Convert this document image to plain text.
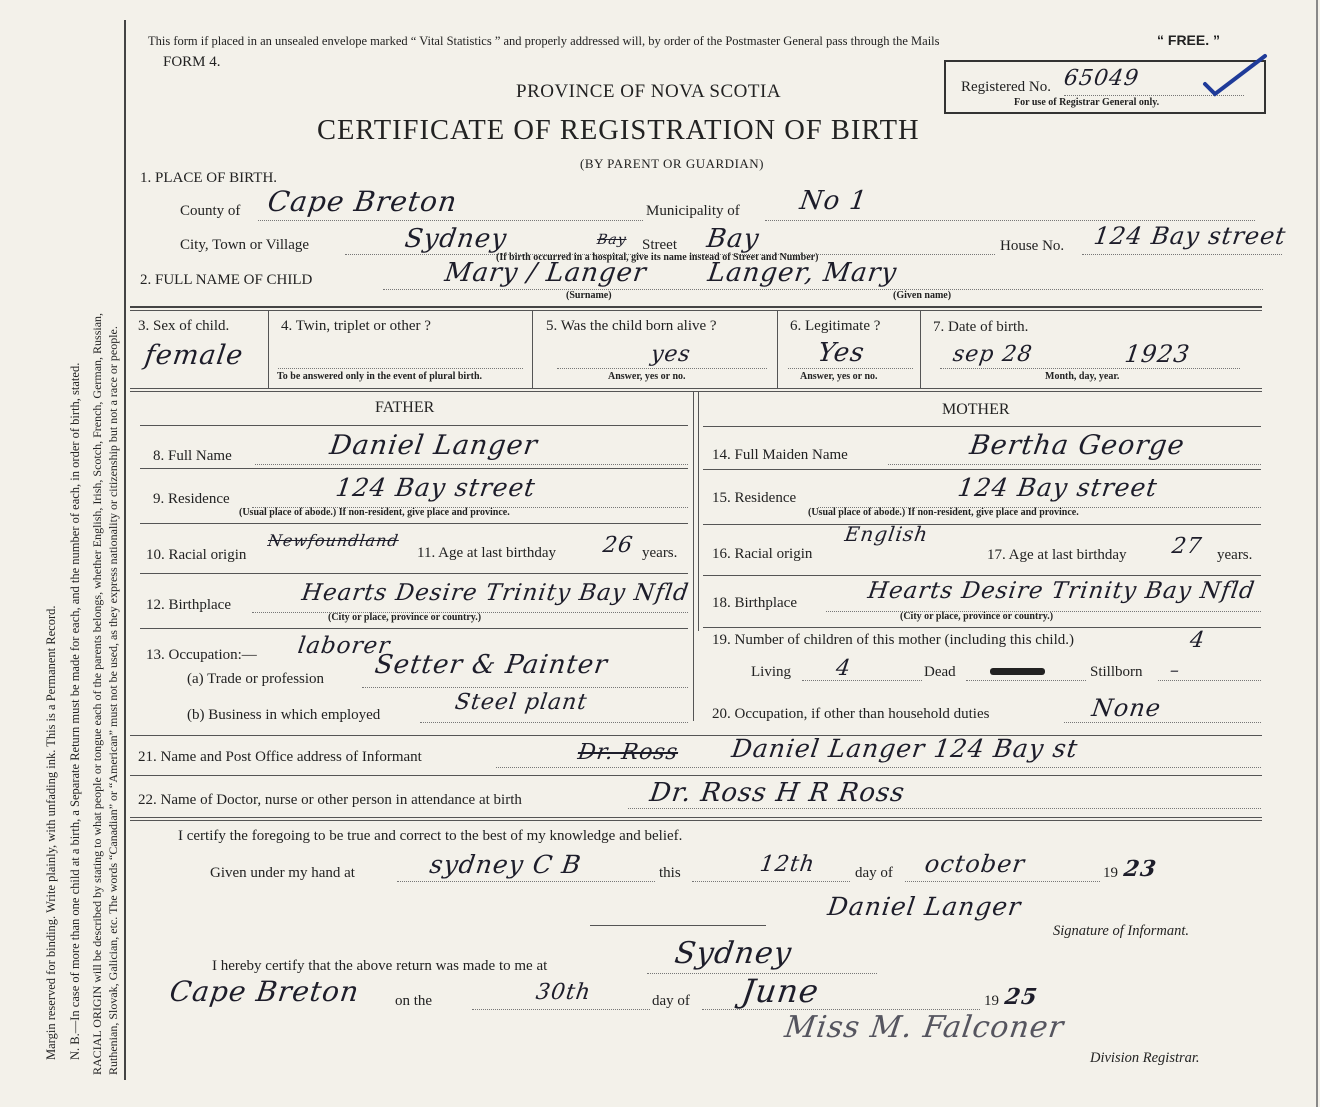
Margin reserved for binding. Write plainly, with unfading ink. This is a Permanent Record. N. B.—In case of more than one child at a birth, a Separate Return must be made for each, and the number of each, in order of birth, stated. RACIAL ORIGIN will be described by stating to what people or tongue each of the parents belongs, whether English, Irish, Scotch, French, German, Russian, Ruthenian, Slovak, Galician, etc. The words “Canadian” or “American” must not be used, as they express nationality or citizenship but not a race or people.
This form if placed in an unsealed envelope marked “ Vital Statistics ” and properly addressed will, by order of the Postmaster General pass through the Mails	“ FREE. ”
FORM 4.
PROVINCE OF NOVA SCOTIA
CERTIFICATE OF REGISTRATION OF BIRTH
(BY PARENT OR GUARDIAN)
Registered No. 65049
For use of Registrar General only.
1. PLACE OF BIRTH.
County of Cape Breton	Municipality of No 1
City, Town or Village	Sydney	Bay Street Bay
(If birth occurred in a hospital, give its name instead of Street and Number)
House No. 124 Bay street
2. FULL NAME OF CHILD	Mary / Langer Langer, Mary
(Surname)	(Given name)
3. Sex of child.
female
4. Twin, triplet or other ?
To be answered only in the event of plural birth.
5. Was the child born alive ?
yes
Answer, yes or no.
6. Legitimate ?
Yes
Answer, yes or no.
7. Date of birth.
sep 28	1923
Month, day, year.
FATHER	MOTHER
8. Full Name	Daniel Langer
9. Residence	124 Bay street
(Usual place of abode.) If non-resident, give place and province.
10. Racial origin
Newfoundland
11. Age at last birthday 26 years.
12. Birthplace	Hearts Desire Trinity Bay Nfld
(City or place, province or country.)
13. Occupation:— laborer
(a) Trade or profession Setter & Painter
(b) Business in which employed	Steel plant
14. Full Maiden Name	Bertha George
15. Residence	124 Bay street
(Usual place of abode.) If non-resident, give place and province.
16. Racial origin
English
17. Age at last birthday 27 years.
18. Birthplace	Hearts Desire Trinity Bay Nfld
(City or place, province or country.)
19. Number of children of this mother (including this child.)	4
Living 4	Dead	Stillborn –
20. Occupation, if other than household duties	None
21. Name and Post Office address of Informant	Dr. Ross Daniel Langer 124 Bay st
22. Name of Doctor, nurse or other person in attendance at birth	Dr. Ross H R Ross
I certify the foregoing to be true and correct to the best of my knowledge and belief.
Given under my hand at	sydney C B	this	12th	day of october	19 23
Daniel Langer
Signature of Informant.
I hereby certify that the above return was made to me at	Sydney
Cape Breton on the	30th	day of June	19 25
Miss M. Falconer
Division Registrar.
